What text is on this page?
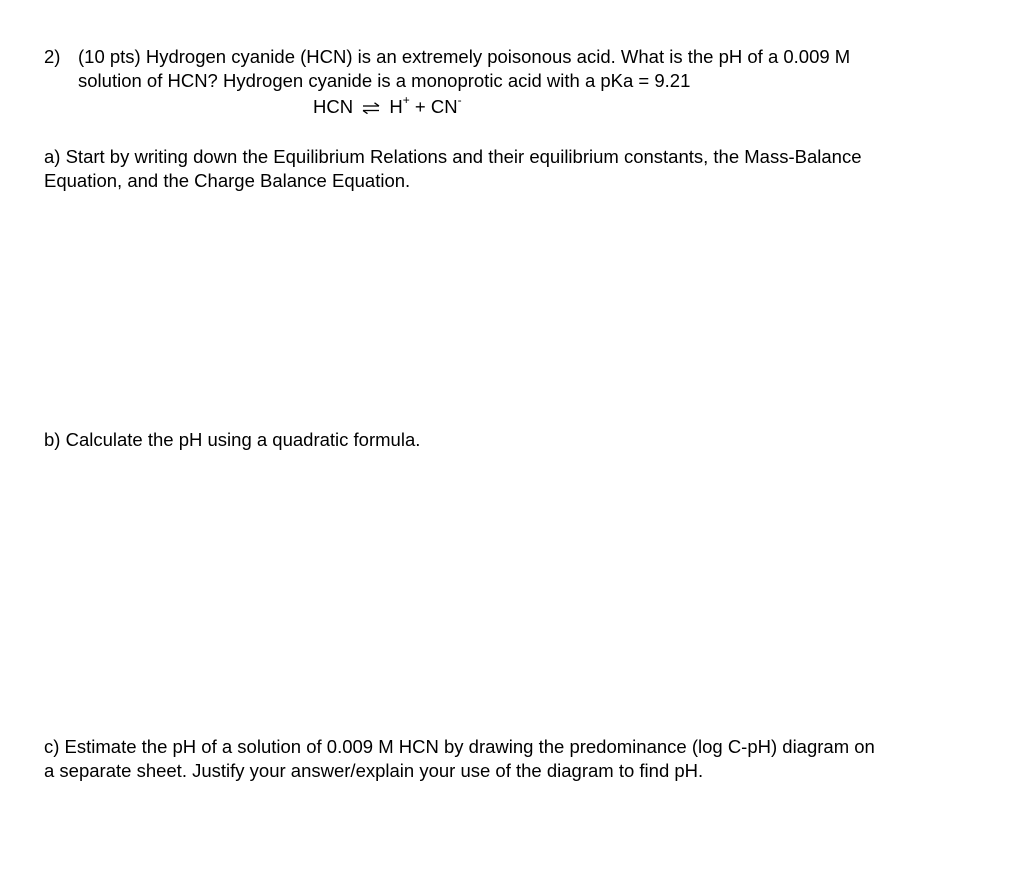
2) (10 pts) Hydrogen cyanide (HCN) is an extremely poisonous acid. What is the pH of a 0.009 M
solution of HCN? Hydrogen cyanide is a monoprotic acid with a pKa = 9.21
HCN ⇌ H+ + CN-

a) Start by writing down the Equilibrium Relations and their equilibrium constants, the Mass-Balance

Equation, and the Charge Balance Equation.

b) Calculate the pH using a quadratic formula.

c) Estimate the pH of a solution of 0.009 M HCN by drawing the predominance (log C-pH) diagram on

a separate sheet. Justify your answer/explain your use of the diagram to find pH.
